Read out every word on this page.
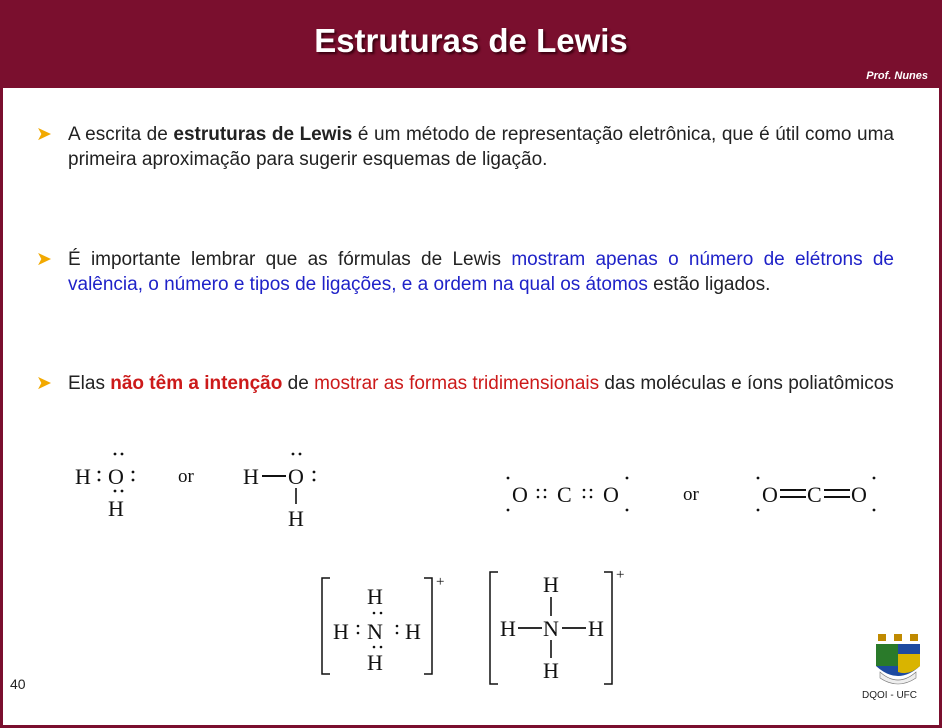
Estruturas de Lewis
Prof. Nunes
➤ A escrita de estruturas de Lewis é um método de representação eletrônica, que é útil como uma primeira aproximação para sugerir esquemas de ligação.
➤ É importante lembrar que as fórmulas de Lewis mostram apenas o número de elétrons de valência, o número e tipos de ligações, e a ordem na qual os átomos estão ligados.
➤ Elas não têm a intenção de mostrar as formas tridimensionais das moléculas e íons poliatômicos
H O
H
or H O
H
O C O	or	O C O
+
H
H N H
H
+
H
H N H
H
40
DQOI - UFC
